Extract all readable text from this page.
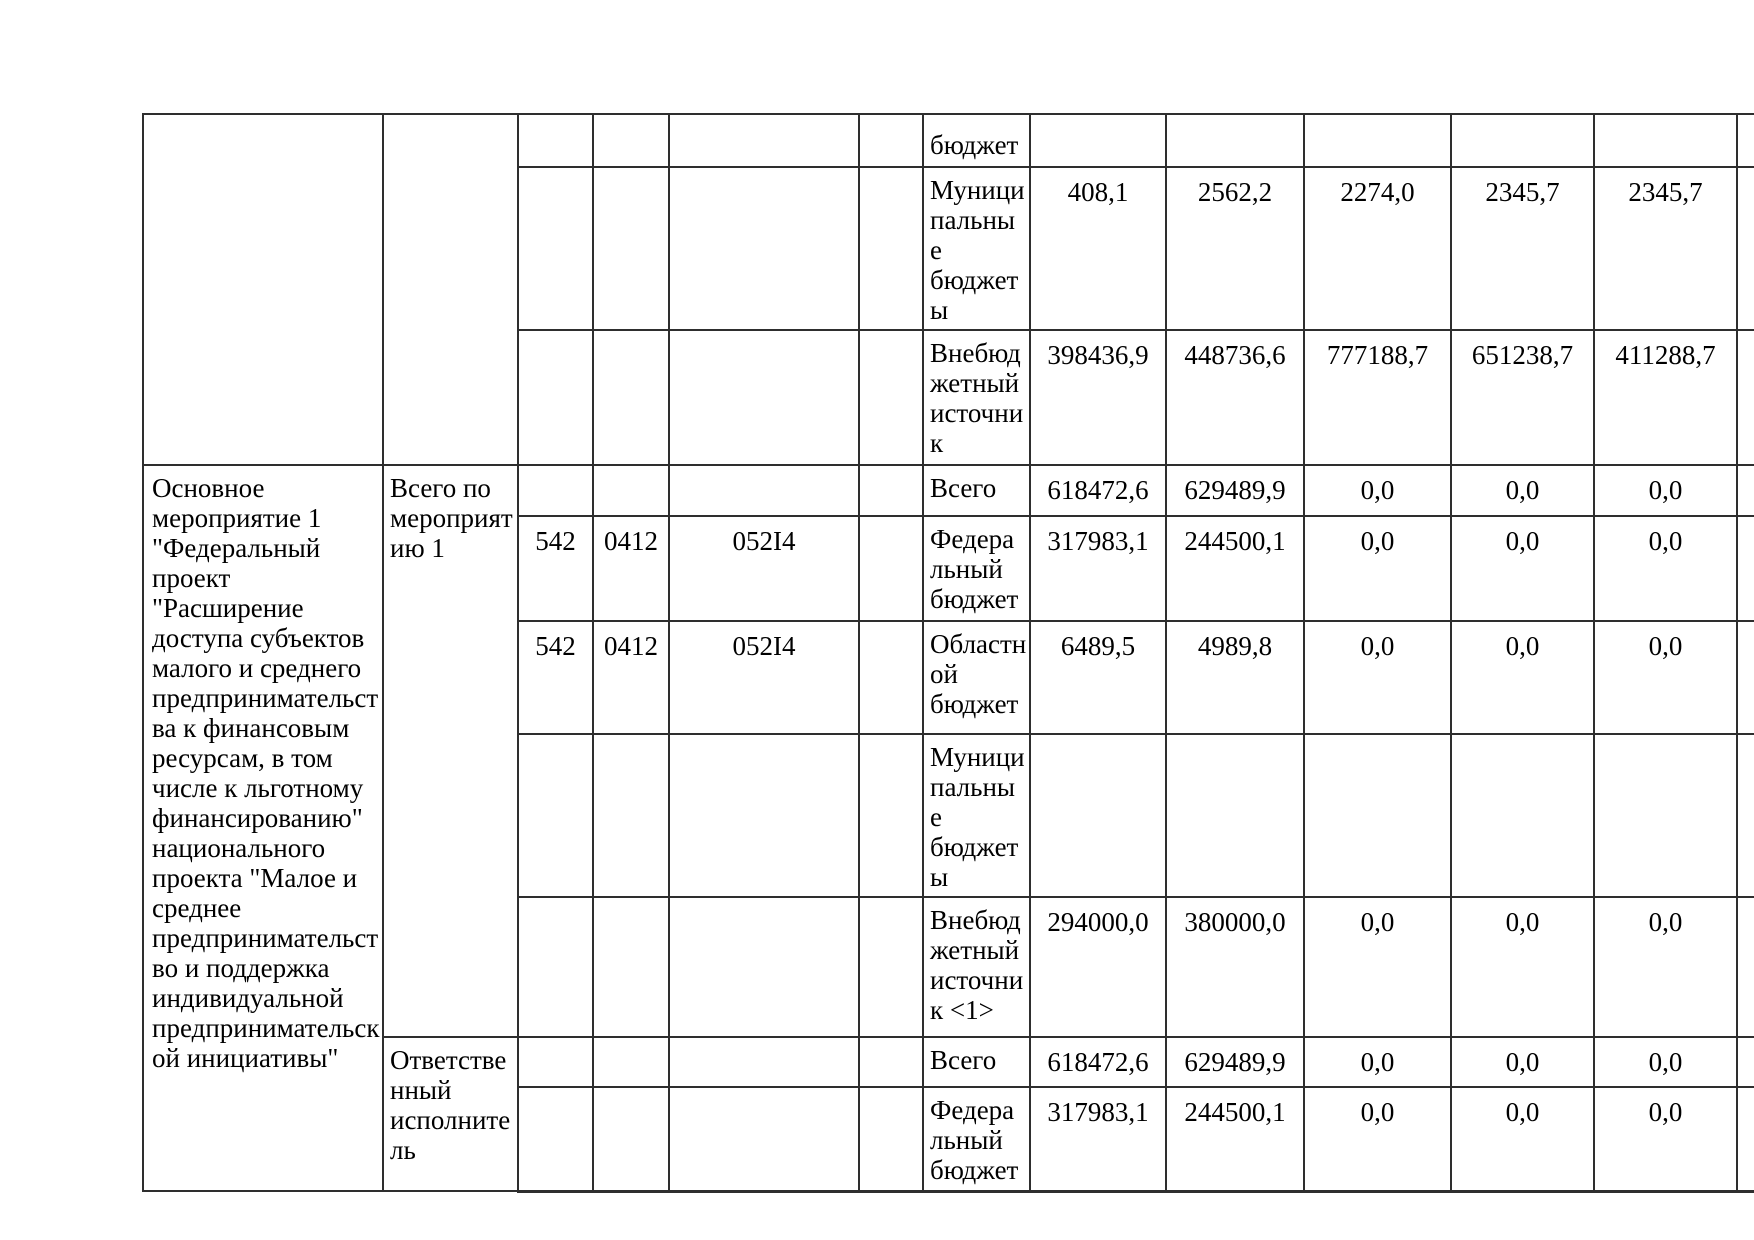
						бюджет						
						Муниципальные бюджеты	408,1	2562,2	2274,0	2345,7	2345,7	
						Внебюджетный источник	398436,9	448736,6	777188,7	651238,7	411288,7	
Основное мероприятие 1 "Федеральный проект "Расширение доступа субъектов малого и среднего предпринимательства к финансовым ресурсам, в том числе к льготному финансированию" национального проекта "Малое и среднее предпринимательство и поддержка индивидуальной предпринимательской инициативы"	Всего по мероприятию 1					Всего	618472,6	629489,9	0,0	0,0	0,0	
		542	0412	052I4		Федеральный бюджет	317983,1	244500,1	0,0	0,0	0,0	
		542	0412	052I4		Областной бюджет	6489,5	4989,8	0,0	0,0	0,0	
						Муниципальные бюджеты						
						Внебюджетный источник <1>	294000,0	380000,0	0,0	0,0	0,0	
	Ответственный исполнитель					Всего	618472,6	629489,9	0,0	0,0	0,0	
						Федеральный бюджет	317983,1	244500,1	0,0	0,0	0,0	
